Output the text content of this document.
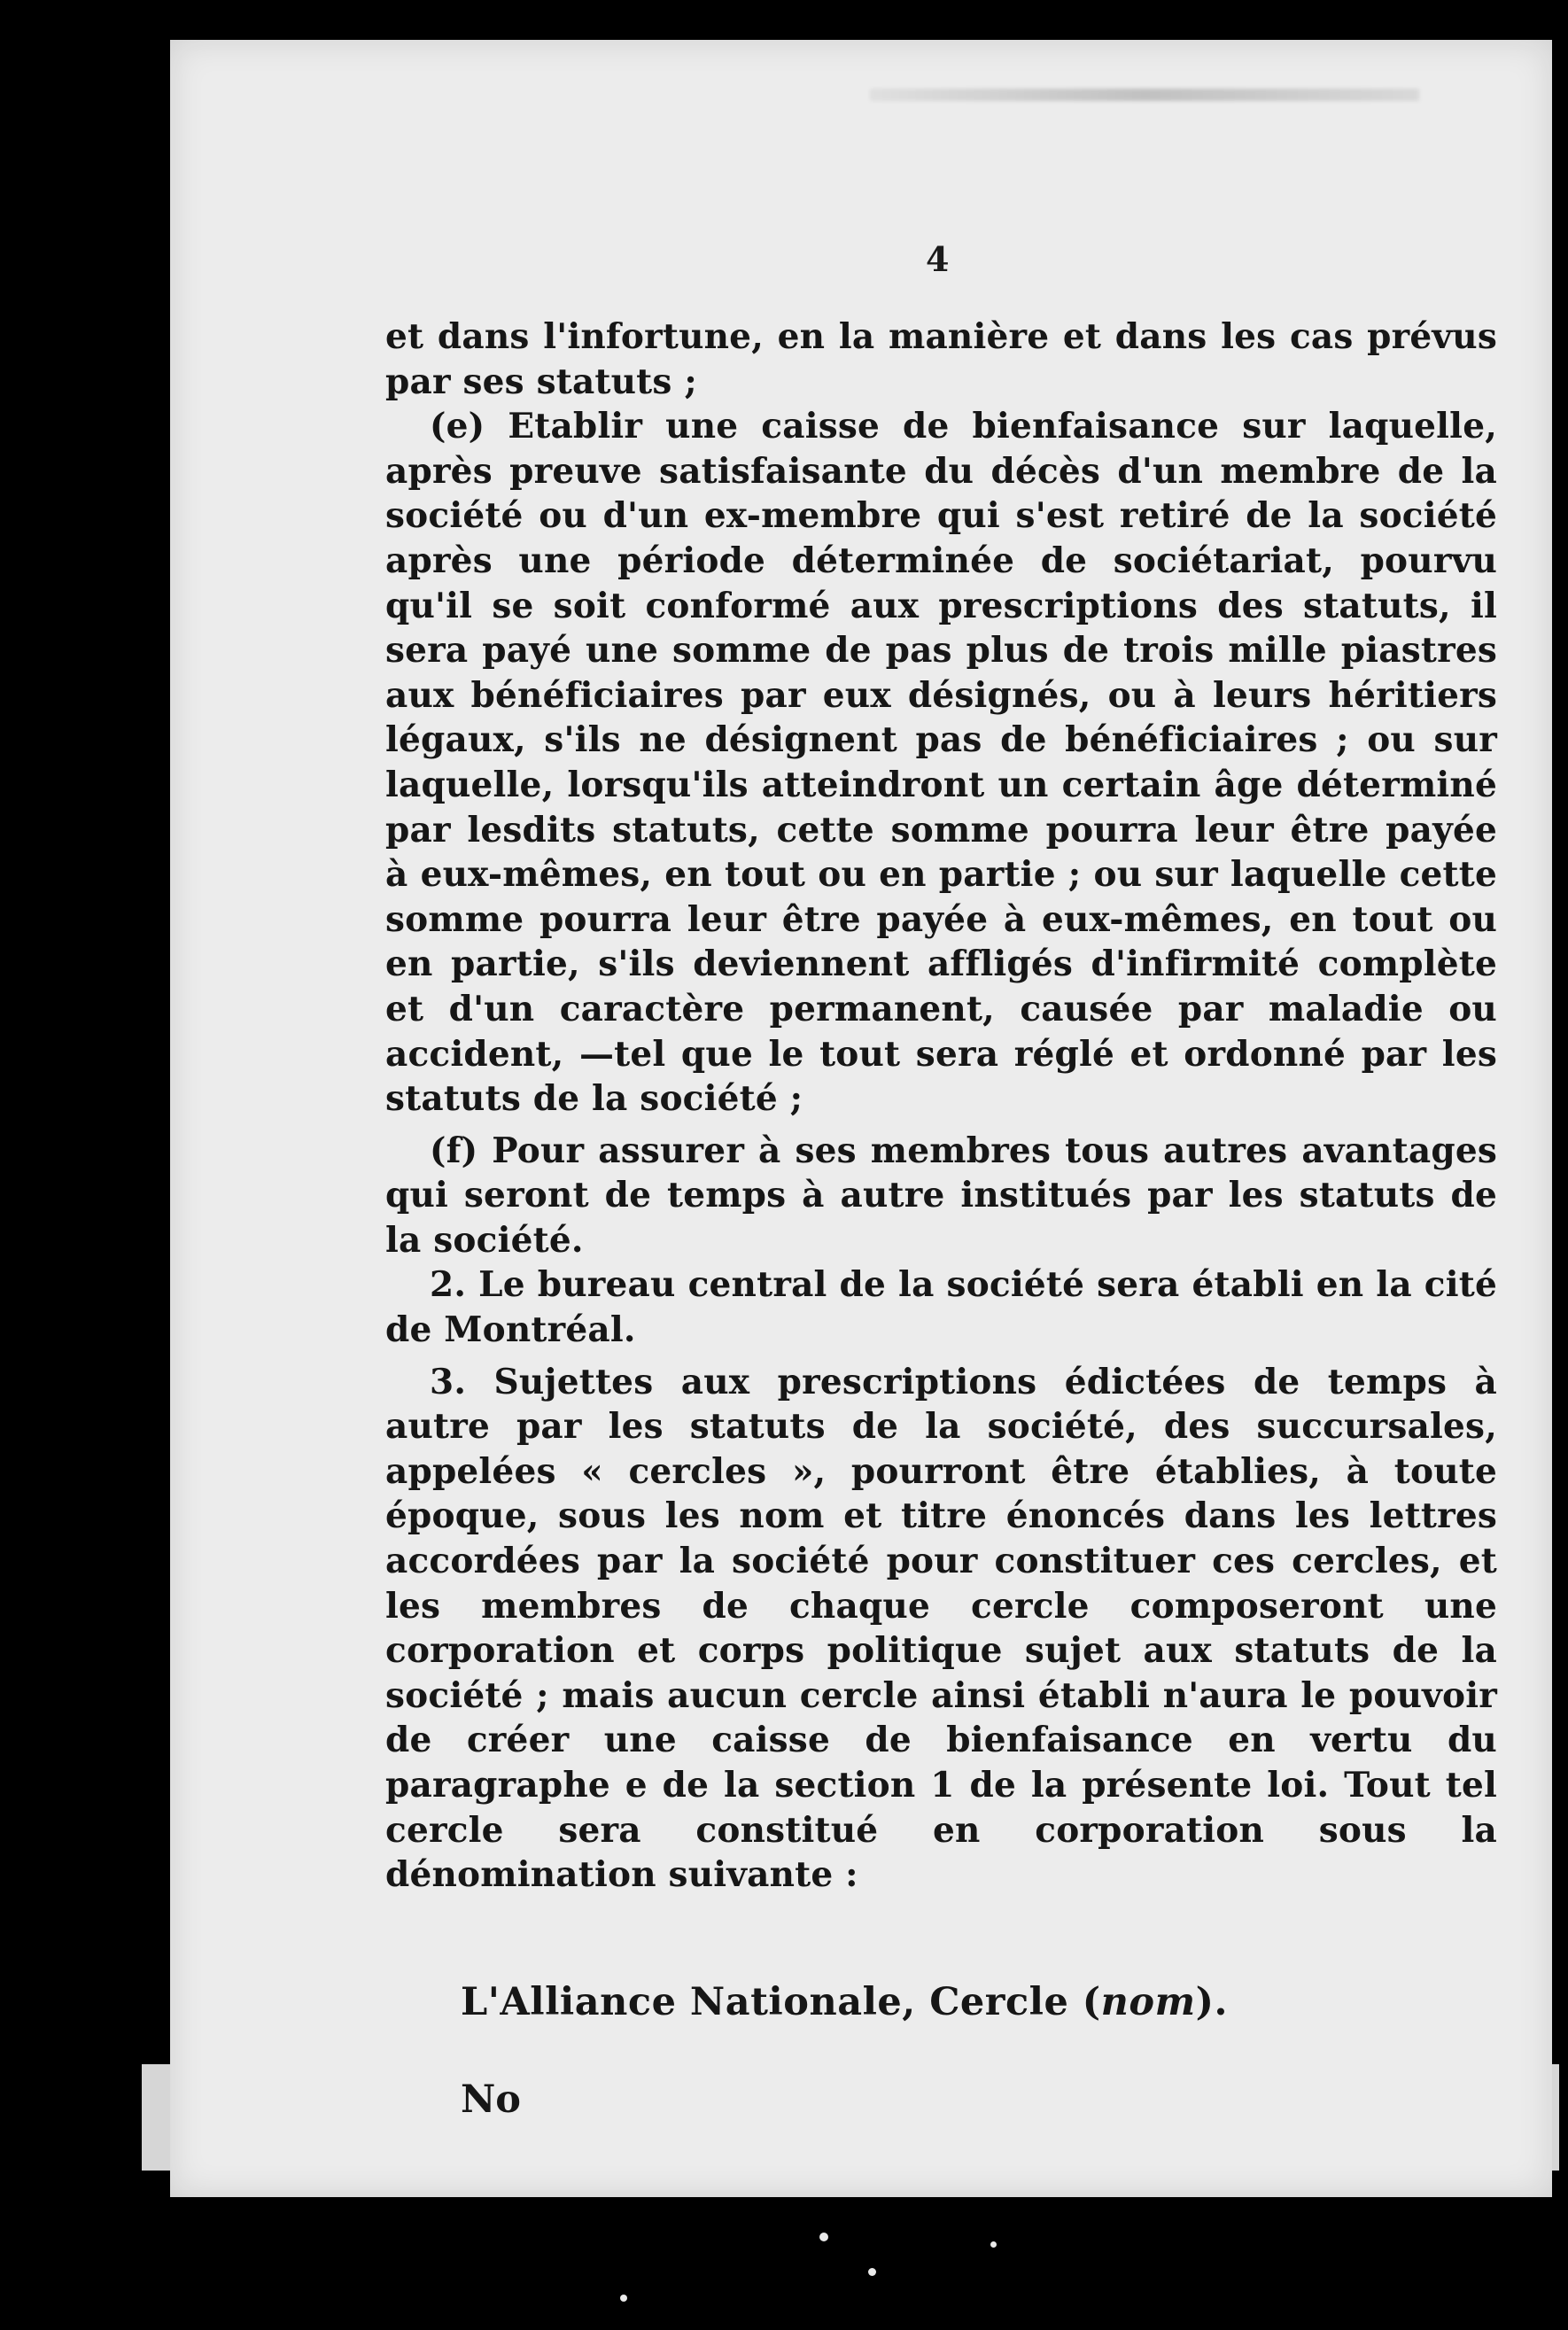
4

et dans l'infortune, en la manière et dans les cas prévus par ses statuts ;

(e) Etablir une caisse de bienfaisance sur laquelle, après preuve satisfaisante du décès d'un membre de la société ou d'un ex-membre qui s'est retiré de la société après une période déterminée de sociétariat, pourvu qu'il se soit conformé aux prescriptions des statuts, il sera payé une somme de pas plus de trois mille piastres aux bénéficiaires par eux désignés, ou à leurs héritiers légaux, s'ils ne désignent pas de bénéficiaires ; ou sur laquelle, lorsqu'ils atteindront un certain âge déterminé par lesdits statuts, cette somme pourra leur être payée à eux-mêmes, en tout ou en partie ; ou sur laquelle cette somme pourra leur être payée à eux-mêmes, en tout ou en partie, s'ils deviennent affligés d'infirmité complète et d'un caractère permanent, causée par maladie ou accident, —tel que le tout sera réglé et ordonné par les statuts de la société ;

(f) Pour assurer à ses membres tous autres avantages qui seront de temps à autre institués par les statuts de la société.

2. Le bureau central de la société sera établi en la cité de Montréal.

3. Sujettes aux prescriptions édictées de temps à autre par les statuts de la société, des succursales, appelées « cercles », pourront être établies, à toute époque, sous les nom et titre énoncés dans les lettres accordées par la société pour constituer ces cercles, et les membres de chaque cercle composeront une corporation et corps politique sujet aux statuts de la société ; mais aucun cercle ainsi établi n'aura le pouvoir de créer une caisse de bienfaisance en vertu du paragraphe e de la section 1 de la présente loi. Tout tel cercle sera constitué en corporation sous la dénomination suivante :

L'Alliance Nationale, Cercle (nom).
No
